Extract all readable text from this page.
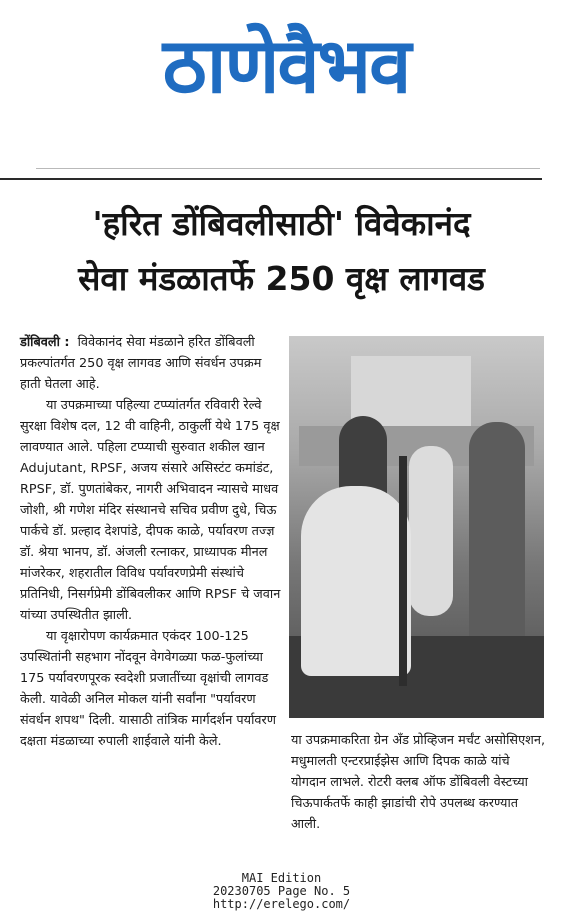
ठाणेवैभव
'हरित डोंबिवलीसाठी' विवेकानंद
सेवा मंडळातर्फे 250 वृक्ष लागवड

डोंबिवली : विवेकानंद सेवा मंडळाने हरित डोंबिवली प्रकल्पांतर्गत 250 वृक्ष लागवड आणि संवर्धन उपक्रम हाती घेतला आहे.

या उपक्रमाच्या पहिल्या टप्प्यांतर्गत रविवारी रेल्वे सुरक्षा विशेष दल, 12 वी वाहिनी, ठाकुर्ली येथे 175 वृक्ष लावण्यात आले. पहिला टप्प्याची सुरुवात शकील खान Adujutant, RPSF, अजय संसारे असिस्टंट कमांडंट, RPSF, डॉ. पुणतांबेकर, नागरी अभिवादन न्यासचे माधव जोशी, श्री गणेश मंदिर संस्थानचे सचिव प्रवीण दुधे, चिऊ पार्कचे डॉ. प्रल्हाद देशपांडे, दीपक काळे, पर्यावरण तज्ज्ञ डॉ. श्रेया भानप, डॉ. अंजली रत्नाकर, प्राध्यापक मीनल मांजरेकर, शहरातील विविध पर्यावरणप्रेमी संस्थांचे प्रतिनिधी, निसर्गप्रेमी डोंबिवलीकर आणि RPSF चे जवान यांच्या उपस्थितीत झाली.

या वृक्षारोपण कार्यक्रमात एकंदर 100-125 उपस्थितांनी सहभाग नोंदवून वेगवेगळ्या फळ-फुलांच्या 175 पर्यावरणपूरक स्वदेशी प्रजातींच्या वृक्षांची लागवड केली. यावेळी अनिल मोकल यांनी सर्वांना "पर्यावरण संवर्धन शपथ" दिली. यासाठी तांत्रिक मार्गदर्शन पर्यावरण दक्षता मंडळाच्या रुपाली शाईवाले यांनी केले.	या उपक्रमाकरिता ग्रेन अँड प्रोव्हिजन मर्चंट असोसिएशन, मधुमालती एन्टरप्राईझेस आणि दिपक काळे यांचे योगदान लाभले. रोटरी क्लब ऑफ डोंबिवली वेस्टच्या चिऊपार्कतर्फे काही झाडांची रोपे उपलब्ध करण्यात आली.

MAI Edition
20230705 Page No. 5
http://erelego.com/
